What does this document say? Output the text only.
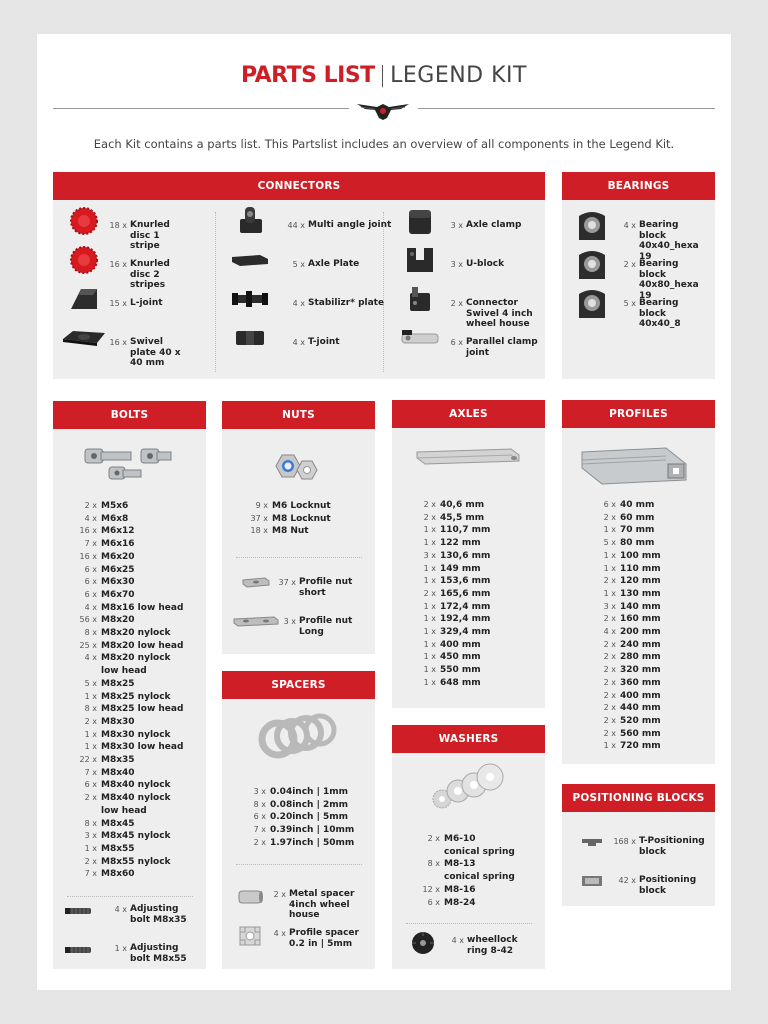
PARTS LIST | LEGEND KIT
Each Kit contains a parts list. This Partslist includes an overview of all components in the Legend Kit.
CONNECTORS
18 x Knurled disc 1 stripe
16 x Knurled disc 2 stripes
15 x L-joint
16 x Swivel plate 40 x 40 mm
44 x Multi angle joint
5 x Axle Plate
4 x Stabilizr* plate
4 x T-joint
3 x Axle clamp
3 x U-block
2 x Connector Swivel 4 inch wheel house
6 x Parallel clamp joint
BEARINGS
4 x Bearing block 40x40_hexa 19
2 x Bearing block 40x80_hexa 19
5 x Bearing block 40x40_8
BOLTS
2 x M5x6
4 x M6x8
16 x M6x12
7 x M6x16
16 x M6x20
6 x M6x25
6 x M6x30
6 x M6x70
4 x M8x16 low head
56 x M8x20
8 x M8x20 nylock
25 x M8x20 low head
4 x M8x20 nylock
low head
5 x M8x25
1 x M8x25 nylock
8 x M8x25 low head
2 x M8x30
1 x M8x30 nylock
1 x M8x30 low head
22 x M8x35
7 x M8x40
6 x M8x40 nylock
2 x M8x40 nylock
low head
8 x M8x45
3 x M8x45 nylock
1 x M8x55
2 x M8x55 nylock
7 x M8x60
4 x Adjusting bolt M8x35
1 x Adjusting bolt M8x55
NUTS
9 x M6 Locknut
37 x M8 Locknut
18 x M8 Nut
37 x Profile nut short
3 x Profile nut Long
SPACERS
3 x 0.04inch | 1mm
8 x 0.08inch | 2mm
6 x 0.20inch | 5mm
7 x 0.39inch | 10mm
2 x 1.97inch | 50mm
2 x Metal spacer 4inch wheel house
4 x Profile spacer 0.2 in | 5mm
AXLES
2 x 40,6 mm
2 x 45,5 mm
1 x 110,7 mm
1 x 122 mm
3 x 130,6 mm
1 x 149 mm
1 x 153,6 mm
2 x 165,6 mm
1 x 172,4 mm
1 x 192,4 mm
1 x 329,4 mm
1 x 400 mm
1 x 450 mm
1 x 550 mm
1 x 648 mm
WASHERS
2 x M6-10
conical spring
8 x M8-13
conical spring
12 x M8-16
6 x M8-24
4 x wheellock ring 8-42
PROFILES
6 x 40 mm
2 x 60 mm
1 x 70 mm
5 x 80 mm
1 x 100 mm
1 x 110 mm
2 x 120 mm
1 x 130 mm
3 x 140 mm
2 x 160 mm
4 x 200 mm
2 x 240 mm
2 x 280 mm
2 x 320 mm
2 x 360 mm
2 x 400 mm
2 x 440 mm
2 x 520 mm
2 x 560 mm
1 x 720 mm
POSITIONING BLOCKS
168 x T-Positioning block
42 x Positioning block
